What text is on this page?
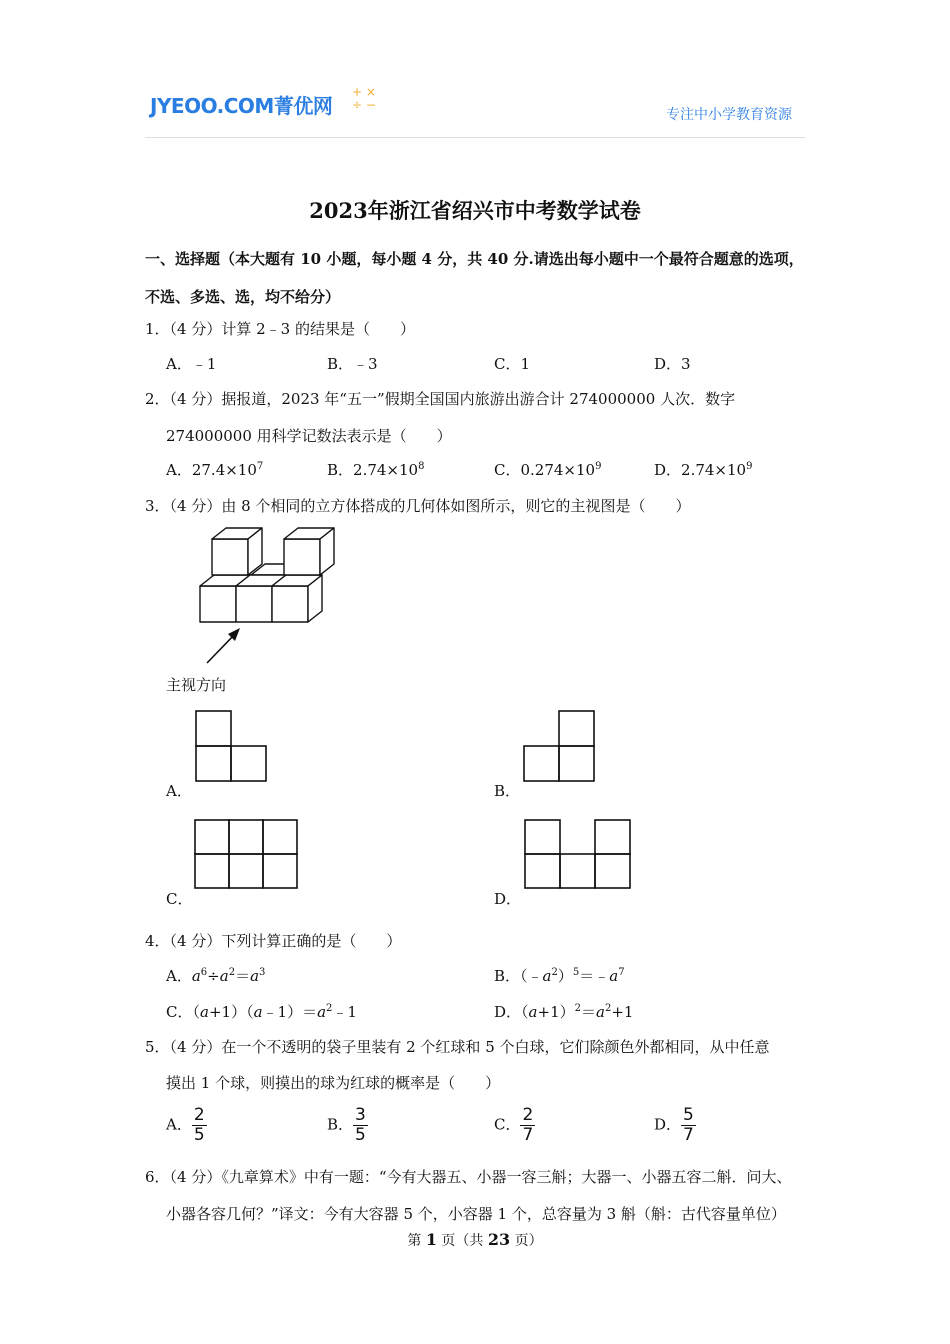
JYEOO.COM菁优网
+ ×
÷ −
专注中小学教育资源
2023年浙江省绍兴市中考数学试卷
一、选择题（本大题有 10 小题，每小题 4 分，共 40 分.请选出每小题中一个最符合题意的选项，
不选、多选、选，均不给分）
1．（4 分）计算 2﹣3 的结果是（　　）
A．﹣1	B．﹣3	C．1	D．3
2．（4 分）据报道，2023 年“五一”假期全国国内旅游出游合计 274000000 人次．数字
274000000 用科学记数法表示是（　　）
A．$27.4\times 10^7$	B．$2.74\times 10^8$	C．$0.274\times 10^9$	D．$2.74\times 10^9$
3．（4 分）由 8 个相同的立方体搭成的几何体如图所示，则它的主视图是（　　）
主视方向
A．	B．
C．	D．
4．（4 分）下列计算正确的是（　　）
A．$a^6\div a^2=a^3$	B．$(﹣a^2)^5=﹣a^7$
C．$(a+1)(a﹣1)=a^2﹣1$	D．$(a+1)^2=a^2+1$
5．（4 分）在一个不透明的袋子里装有 2 个红球和 5 个白球，它们除颜色外都相同，从中任意
摸出 1 个球，则摸出的球为红球的概率是（　　）
A． $\frac{2}{5}$	B． $\frac{3}{5}$	C． $\frac{2}{7}$	D． $\frac{5}{7}$
6．（4 分）《九章算术》中有一题：“今有大器五、小器一容三斛；大器一、小器五容二斛．问大、
小器各容几何？”译文：今有大容器 5 个，小容器 1 个，总容量为 3 斛（斛：古代容量单位）
第 1 页（共 23 页）
